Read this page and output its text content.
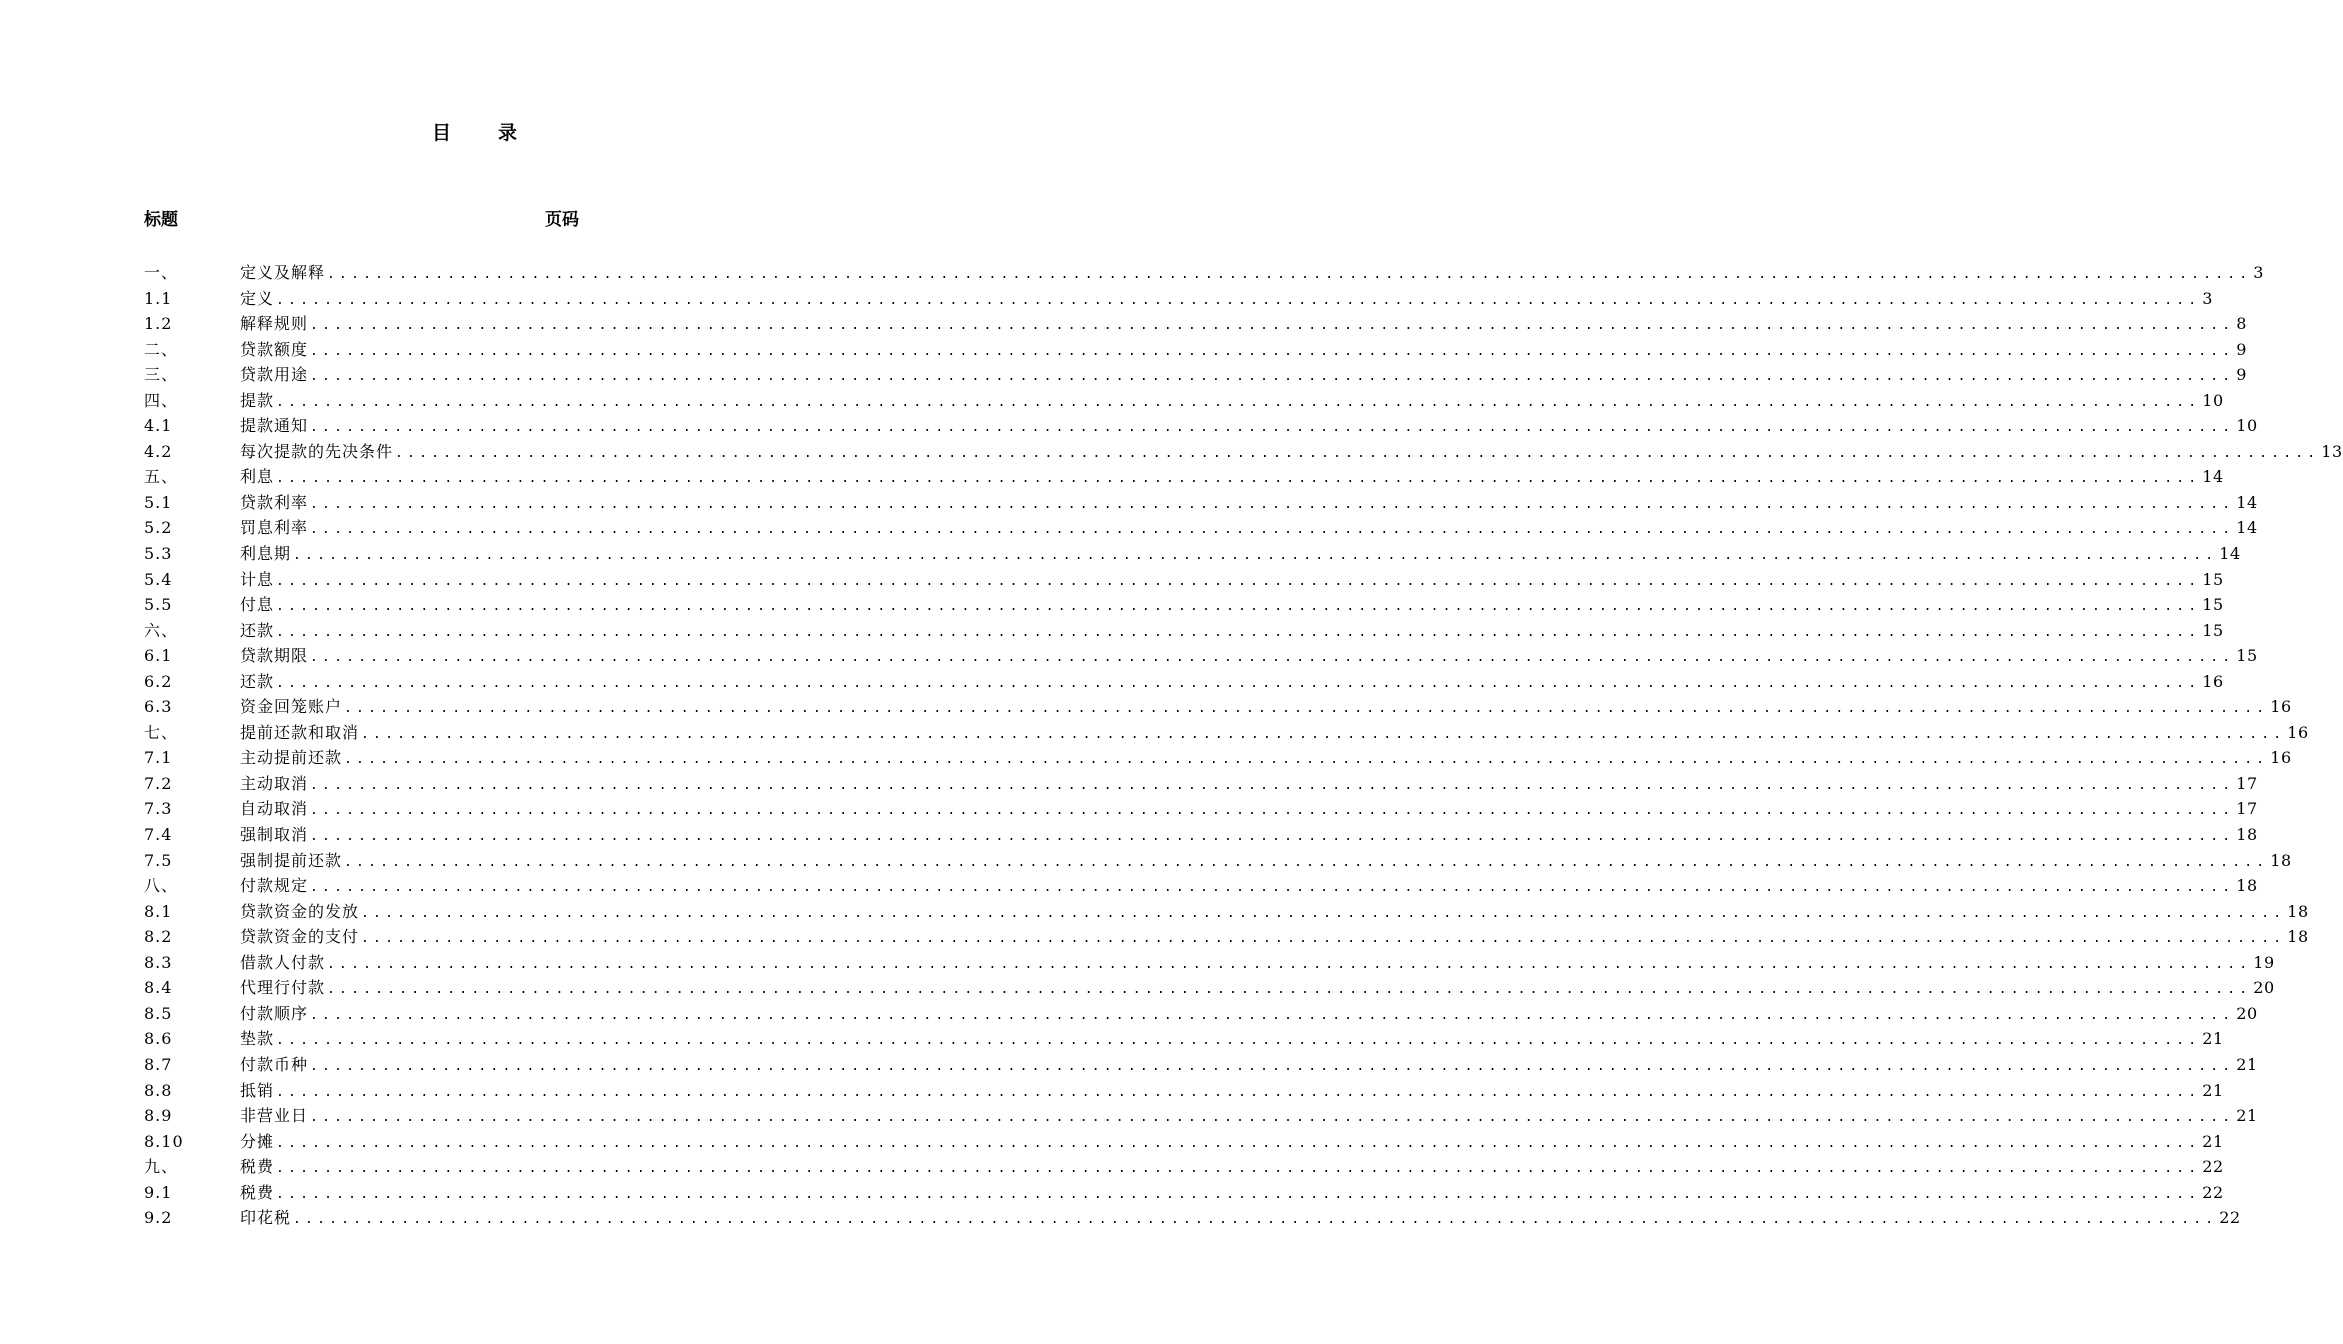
目 录
标题	页码
一、	定义及解释 ................................................................................................................................................................ 3
1.1	定义 ................................................................................................................................................................ 3
1.2	解释规则 ................................................................................................................................................................ 8
二、	贷款额度 ................................................................................................................................................................ 9
三、	贷款用途 ................................................................................................................................................................ 9
四、	提款 ................................................................................................................................................................ 10
4.1	提款通知 ................................................................................................................................................................ 10
4.2	每次提款的先决条件 ................................................................................................................................................................ 13
五、	利息 ................................................................................................................................................................ 14
5.1	贷款利率 ................................................................................................................................................................ 14
5.2	罚息利率 ................................................................................................................................................................ 14
5.3	利息期 ................................................................................................................................................................ 14
5.4	计息 ................................................................................................................................................................ 15
5.5	付息 ................................................................................................................................................................ 15
六、	还款 ................................................................................................................................................................ 15
6.1	贷款期限 ................................................................................................................................................................ 15
6.2	还款 ................................................................................................................................................................ 16
6.3	资金回笼账户 ................................................................................................................................................................ 16
七、	提前还款和取消 ................................................................................................................................................................ 16
7.1	主动提前还款 ................................................................................................................................................................ 16
7.2	主动取消 ................................................................................................................................................................ 17
7.3	自动取消 ................................................................................................................................................................ 17
7.4	强制取消 ................................................................................................................................................................ 18
7.5	强制提前还款 ................................................................................................................................................................ 18
八、	付款规定 ................................................................................................................................................................ 18
8.1	贷款资金的发放 ................................................................................................................................................................ 18
8.2	贷款资金的支付 ................................................................................................................................................................ 18
8.3	借款人付款 ................................................................................................................................................................ 19
8.4	代理行付款 ................................................................................................................................................................ 20
8.5	付款顺序 ................................................................................................................................................................ 20
8.6	垫款 ................................................................................................................................................................ 21
8.7	付款币种 ................................................................................................................................................................ 21
8.8	抵销 ................................................................................................................................................................ 21
8.9	非营业日 ................................................................................................................................................................ 21
8.10	分摊 ................................................................................................................................................................ 21
九、	税费 ................................................................................................................................................................ 22
9.1	税费 ................................................................................................................................................................ 22
9.2	印花税 ................................................................................................................................................................ 22
